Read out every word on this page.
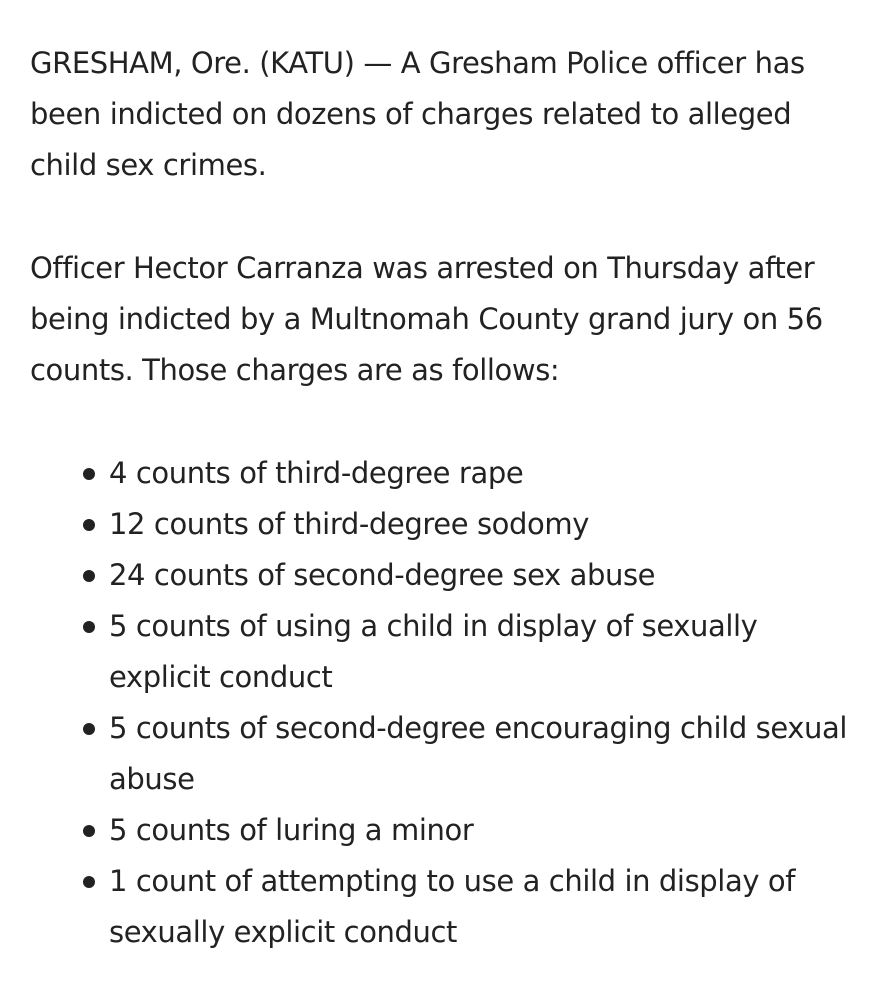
GRESHAM, Ore. (KATU) — A Gresham Police officer has been indicted on dozens of charges related to alleged child sex crimes.

Officer Hector Carranza was arrested on Thursday after being indicted by a Multnomah County grand jury on 56 counts. Those charges are as follows:

4 counts of third-degree rape
12 counts of third-degree sodomy
24 counts of second-degree sex abuse
5 counts of using a child in display of sexually explicit conduct
5 counts of second-degree encouraging child sexual abuse
5 counts of luring a minor
1 count of attempting to use a child in display of sexually explicit conduct
